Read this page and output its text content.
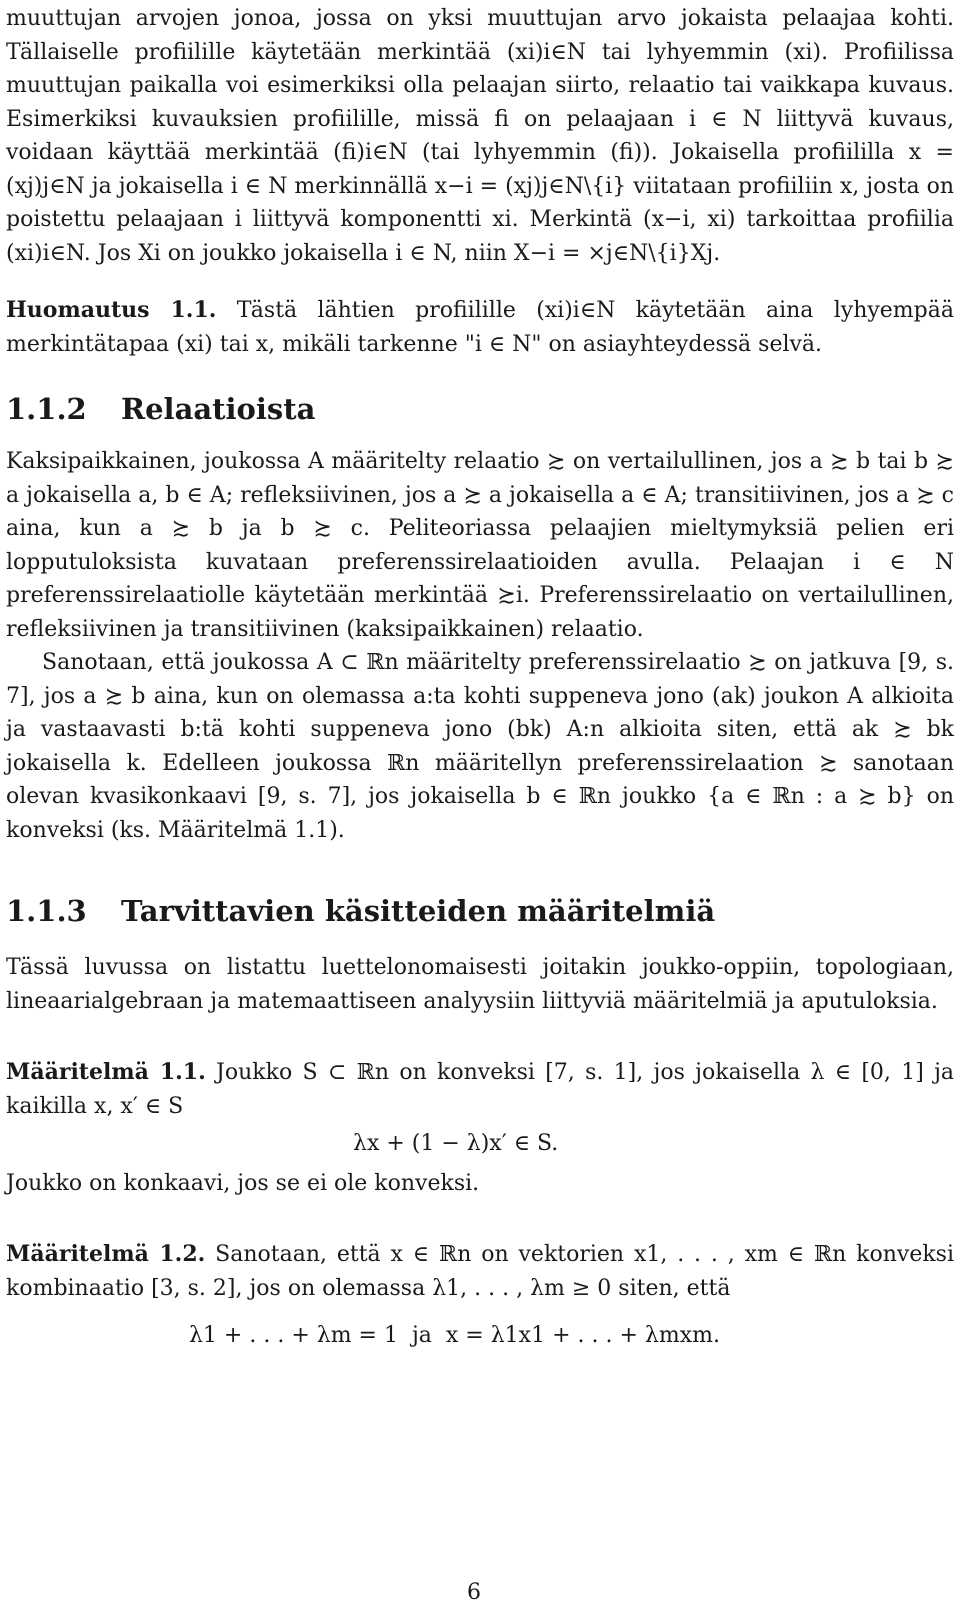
muuttujan arvojen jonoa, jossa on yksi muuttujan arvo jokaista pelaajaa kohti. Tällaiselle profiilille käytetään merkintää (xi)i∈N tai lyhyemmin (xi). Profiilissa muuttujan paikalla voi esimerkiksi olla pelaajan siirto, relaatio tai vaikkapa kuvaus. Esimerkiksi kuvauksien profiilille, missä fi on pelaajaan i ∈ N liittyvä kuvaus, voidaan käyttää merkintää (fi)i∈N (tai lyhyemmin (fi)). Jokaisella profiililla x = (xj)j∈N ja jokaisella i ∈ N merkinnällä x−i = (xj)j∈N\{i} viitataan profiiliin x, josta on poistettu pelaajaan i liittyvä komponentti xi. Merkintä (x−i, xi) tarkoittaa profiilia (xi)i∈N. Jos Xi on joukko jokaisella i ∈ N, niin X−i = ×j∈N\{i}Xj.

Huomautus 1.1. Tästä lähtien profiilille (xi)i∈N käytetään aina lyhyempää merkintätapaa (xi) tai x, mikäli tarkenne "i ∈ N" on asiayhteydessä selvä.

1.1.2 Relaatioista

Kaksipaikkainen, joukossa A määritelty relaatio ≿ on vertailullinen, jos a ≿ b tai b ≿ a jokaisella a, b ∈ A; refleksiivinen, jos a ≿ a jokaisella a ∈ A; transitiivinen, jos a ≿ c aina, kun a ≿ b ja b ≿ c. Peliteoriassa pelaajien mieltymyksiä pelien eri lopputuloksista kuvataan preferenssirelaatioiden avulla. Pelaajan i ∈ N preferenssirelaatiolle käytetään merkintää ≿i. Preferenssirelaatio on vertailullinen, refleksiivinen ja transitiivinen (kaksipaikkainen) relaatio.

Sanotaan, että joukossa A ⊂ ℝn määritelty preferenssirelaatio ≿ on jatkuva [9, s. 7], jos a ≿ b aina, kun on olemassa a:ta kohti suppeneva jono (ak) joukon A alkioita ja vastaavasti b:tä kohti suppeneva jono (bk) A:n alkioita siten, että ak ≿ bk jokaisella k. Edelleen joukossa ℝn määritellyn preferenssirelaation ≿ sanotaan olevan kvasikonkaavi [9, s. 7], jos jokaisella b ∈ ℝn joukko {a ∈ ℝn : a ≿ b} on konveksi (ks. Määritelmä 1.1).

1.1.3 Tarvittavien käsitteiden määritelmiä

Tässä luvussa on listattu luettelonomaisesti joitakin joukko-oppiin, topologiaan, lineaarialgebraan ja matemaattiseen analyysiin liittyviä määritelmiä ja aputuloksia.

Määritelmä 1.1. Joukko S ⊂ ℝn on konveksi [7, s. 1], jos jokaisella λ ∈ [0, 1] ja kaikilla x, x′ ∈ S

λx + (1 − λ)x′ ∈ S.

Joukko on konkaavi, jos se ei ole konveksi.

Määritelmä 1.2. Sanotaan, että x ∈ ℝn on vektorien x1, . . . , xm ∈ ℝn konveksi kombinaatio [3, s. 2], jos on olemassa λ1, . . . , λm ≥ 0 siten, että

λ1 + . . . + λm = 1 ja x = λ1x1 + . . . + λmxm.
6
